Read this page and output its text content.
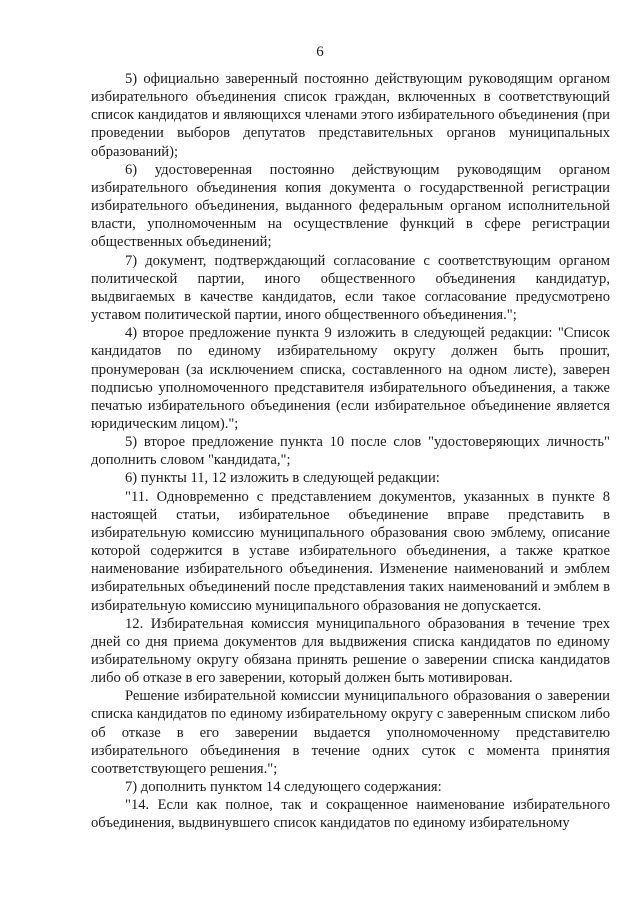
6

5) официально заверенный постоянно действующим руководящим органом избирательного объединения список граждан, включенных в соответствующий список кандидатов и являющихся членами этого избирательного объединения (при проведении выборов депутатов представительных органов муниципальных образований);

6) удостоверенная постоянно действующим руководящим органом избирательного объединения копия документа о государственной регистрации избирательного объединения, выданного федеральным органом исполнительной власти, уполномоченным на осуществление функций в сфере регистрации общественных объединений;

7) документ, подтверждающий согласование с соответствующим органом политической партии, иного общественного объединения кандидатур, выдвигаемых в качестве кандидатов, если такое согласование предусмотрено уставом политической партии, иного общественного объединения.";

4) второе предложение пункта 9 изложить в следующей редакции: "Список кандидатов по единому избирательному округу должен быть прошит, пронумерован (за исключением списка, составленного на одном листе), заверен подписью уполномоченного представителя избирательного объединения, а также печатью избирательного объединения (если избирательное объединение является юридическим лицом).";

5) второе предложение пункта 10 после слов "удостоверяющих личность" дополнить словом "кандидата,";

6) пункты 11, 12 изложить в следующей редакции:

"11. Одновременно с представлением документов, указанных в пункте 8 настоящей статьи, избирательное объединение вправе представить в избирательную комиссию муниципального образования свою эмблему, описание которой содержится в уставе избирательного объединения, а также краткое наименование избирательного объединения. Изменение наименований и эмблем избирательных объединений после представления таких наименований и эмблем в избирательную комиссию муниципального образования не допускается.

12. Избирательная комиссия муниципального образования в течение трех дней со дня приема документов для выдвижения списка кандидатов по единому избирательному округу обязана принять решение о заверении списка кандидатов либо об отказе в его заверении, который должен быть мотивирован.

Решение избирательной комиссии муниципального образования о заверении списка кандидатов по единому избирательному округу с заверенным списком либо об отказе в его заверении выдается уполномоченному представителю избирательного объединения в течение одних суток с момента принятия соответствующего решения.";

7) дополнить пунктом 14 следующего содержания:

"14. Если как полное, так и сокращенное наименование избирательного объединения, выдвинувшего список кандидатов по единому избирательному
